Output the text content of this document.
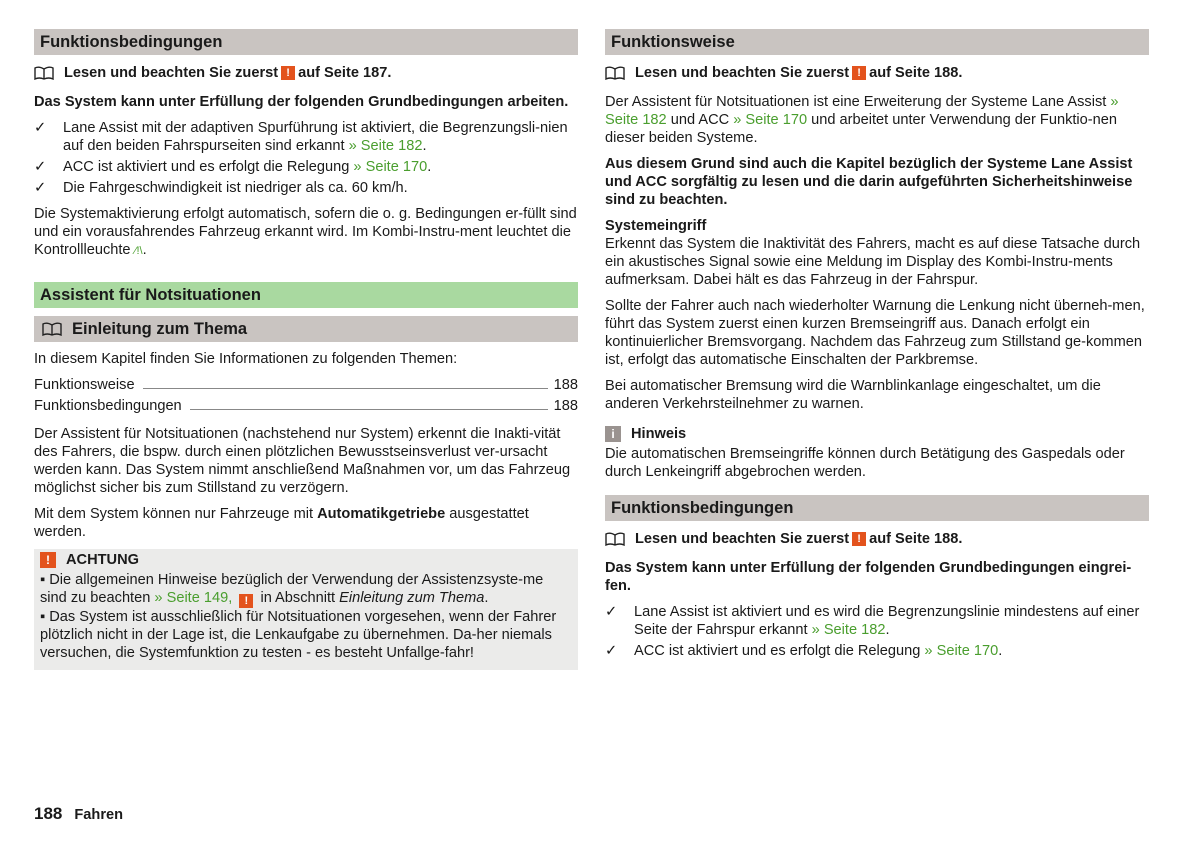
Funktionsbedingungen
Lesen und beachten Sie zuerst ! auf Seite 187.
Das System kann unter Erfüllung der folgenden Grundbedingungen arbeiten.
✓ Lane Assist mit der adaptiven Spurführung ist aktiviert, die Begrenzungsli-nien auf den beiden Fahrspurseiten sind erkannt » Seite 182.
✓ ACC ist aktiviert und es erfolgt die Relegung » Seite 170.
✓ Die Fahrgeschwindigkeit ist niedriger als ca. 60 km/h.
Die Systemaktivierung erfolgt automatisch, sofern die o. g. Bedingungen er-füllt sind und ein vorausfahrendes Fahrzeug erkannt wird. Im Kombi-Instru-ment leuchtet die Kontrollleuchte ⁄!\.
Assistent für Notsituationen
Einleitung zum Thema
In diesem Kapitel finden Sie Informationen zu folgenden Themen:
Funktionsweise	188
Funktionsbedingungen	188
Der Assistent für Notsituationen (nachstehend nur System) erkennt die Inakti-vität des Fahrers, die bspw. durch einen plötzlichen Bewusstseinsverlust ver-ursacht werden kann. Das System nimmt anschließend Maßnahmen vor, um das Fahrzeug möglichst sicher bis zum Stillstand zu verzögern.
Mit dem System können nur Fahrzeuge mit Automatikgetriebe ausgestattet werden.
!	ACHTUNG
▪ Die allgemeinen Hinweise bezüglich der Verwendung der Assistenzsyste-me sind zu beachten » Seite 149, ! in Abschnitt Einleitung zum Thema.
▪ Das System ist ausschließlich für Notsituationen vorgesehen, wenn der Fahrer plötzlich nicht in der Lage ist, die Lenkaufgabe zu übernehmen. Da-her niemals versuchen, die Systemfunktion zu testen - es besteht Unfallge-fahr!
Funktionsweise
Lesen und beachten Sie zuerst ! auf Seite 188.
Der Assistent für Notsituationen ist eine Erweiterung der Systeme Lane Assist » Seite 182 und ACC » Seite 170 und arbeitet unter Verwendung der Funktio-nen dieser beiden Systeme.
Aus diesem Grund sind auch die Kapitel bezüglich der Systeme Lane Assist und ACC sorgfältig zu lesen und die darin aufgeführten Sicherheitshinweise sind zu beachten.
Systemeingriff
Erkennt das System die Inaktivität des Fahrers, macht es auf diese Tatsache durch ein akustisches Signal sowie eine Meldung im Display des Kombi-Instru-ments aufmerksam. Dabei hält es das Fahrzeug in der Fahrspur.
Sollte der Fahrer auch nach wiederholter Warnung die Lenkung nicht überneh-men, führt das System zuerst einen kurzen Bremseingriff aus. Danach erfolgt ein kontinuierlicher Bremsvorgang. Nachdem das Fahrzeug zum Stillstand ge-kommen ist, erfolgt das automatische Einschalten der Parkbremse.
Bei automatischer Bremsung wird die Warnblinkanlage eingeschaltet, um die anderen Verkehrsteilnehmer zu warnen.
i	Hinweis
Die automatischen Bremseingriffe können durch Betätigung des Gaspedals oder durch Lenkeingriff abgebrochen werden.
Funktionsbedingungen
Lesen und beachten Sie zuerst ! auf Seite 188.
Das System kann unter Erfüllung der folgenden Grundbedingungen eingrei-fen.
✓ Lane Assist ist aktiviert und es wird die Begrenzungslinie mindestens auf einer Seite der Fahrspur erkannt » Seite 182.
✓ ACC ist aktiviert und es erfolgt die Relegung » Seite 170.
188 Fahren
